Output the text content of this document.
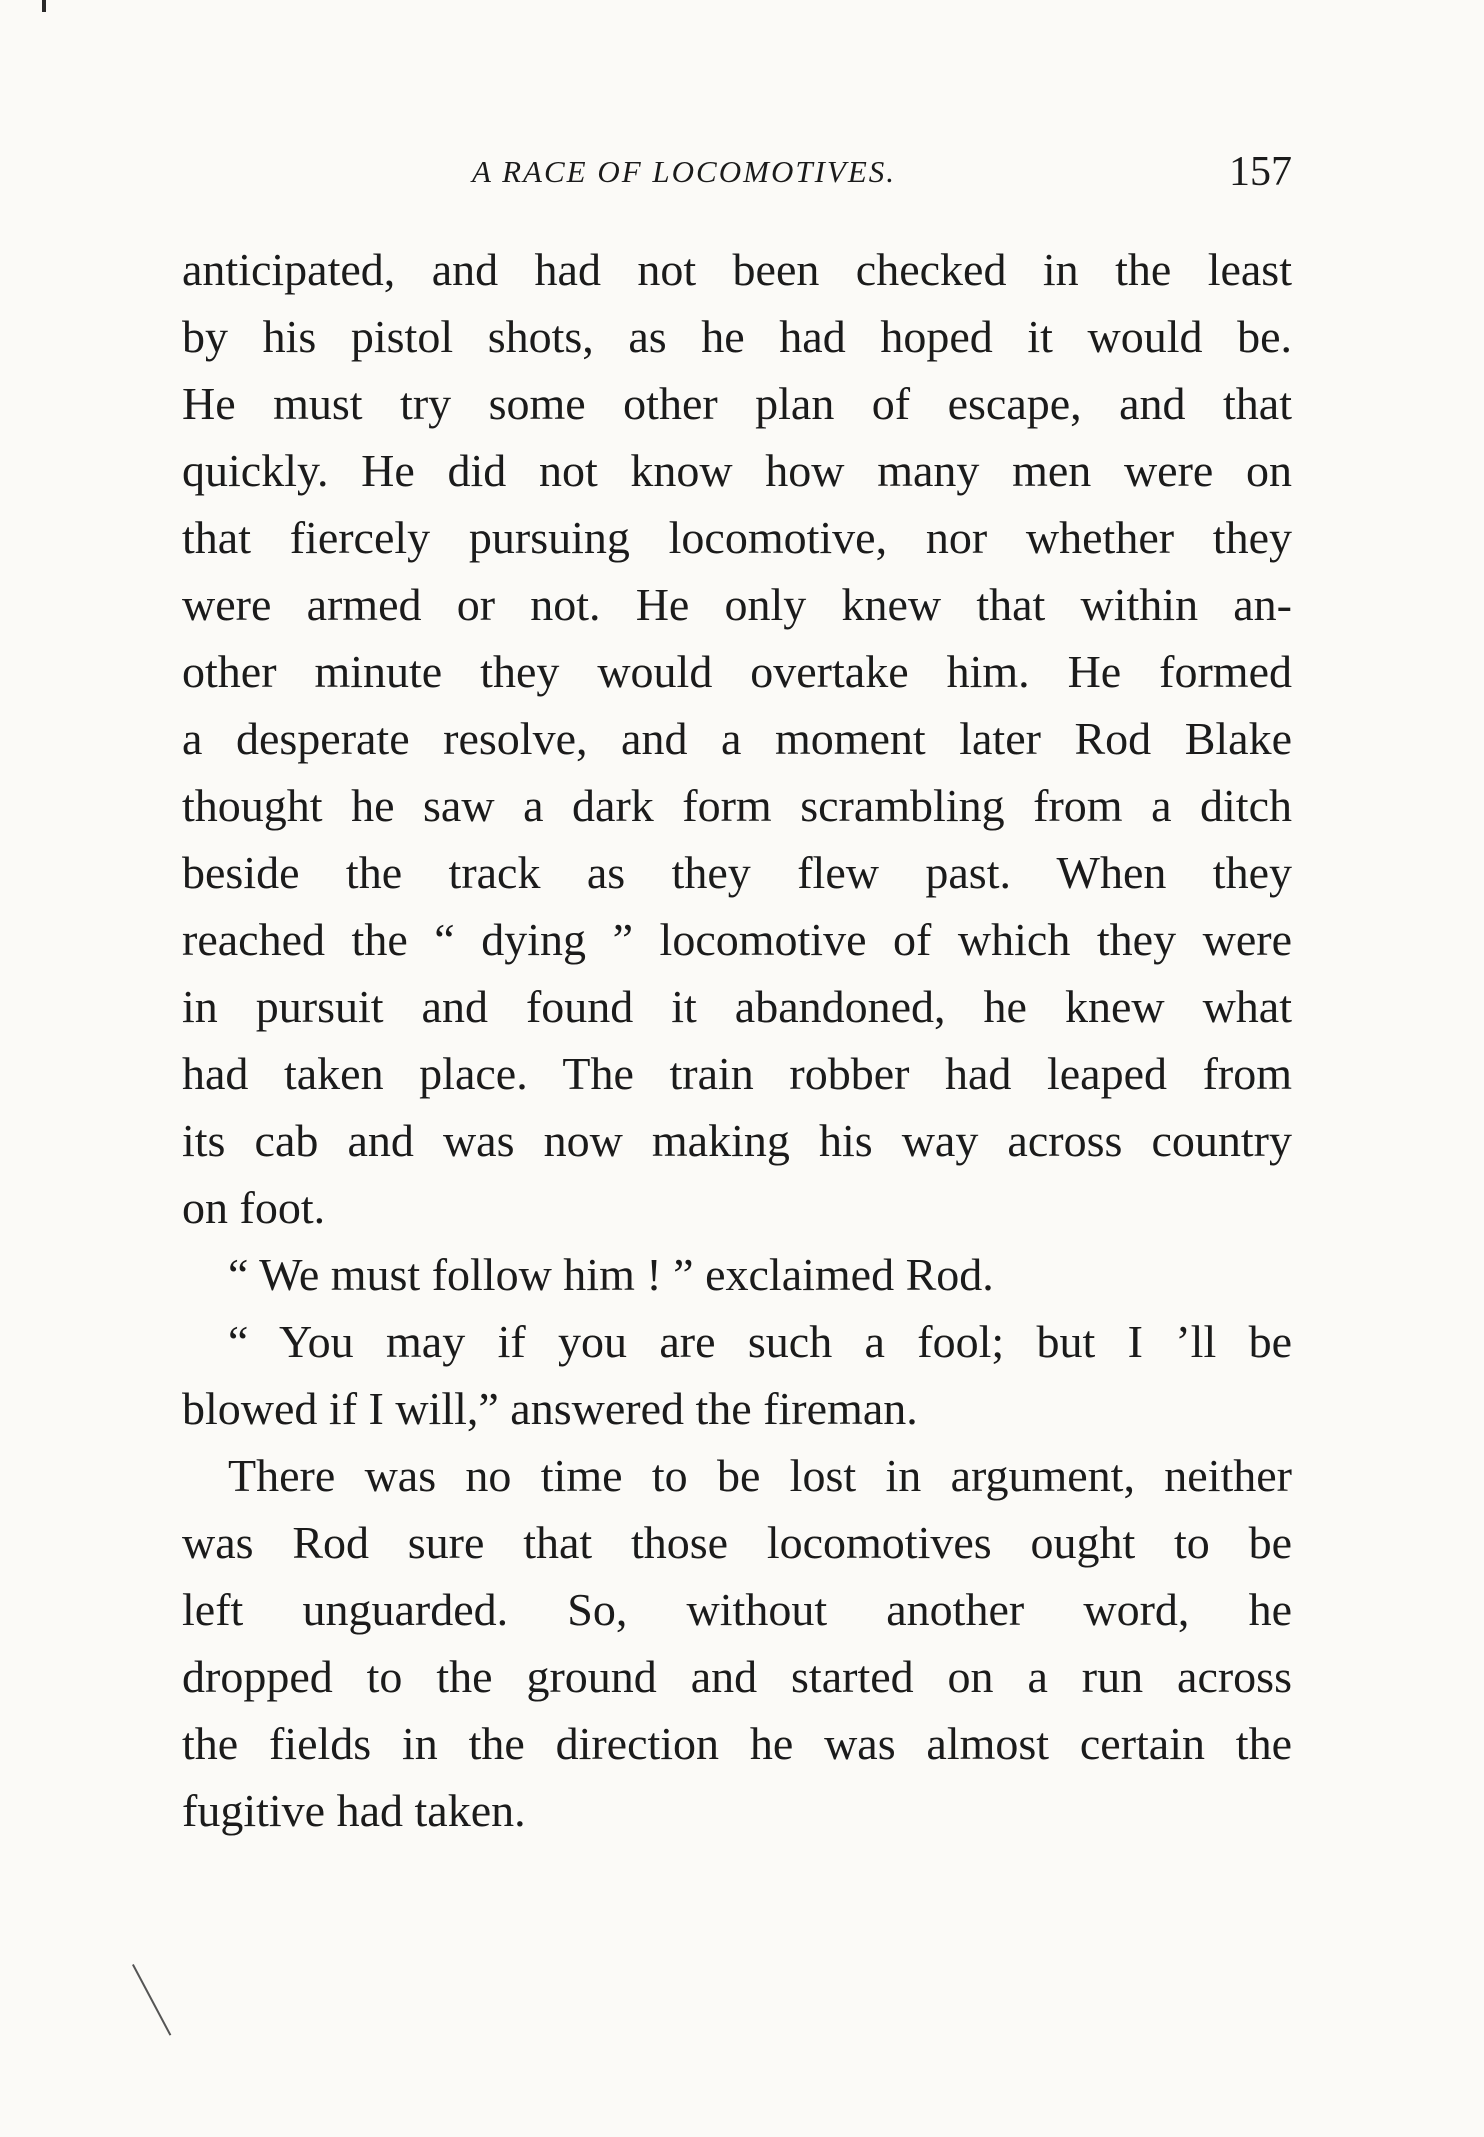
A RACE OF LOCOMOTIVES.	157
anticipated, and had not been checked in the least
by his pistol shots, as he had hoped it would be.
He must try some other plan of escape, and that
quickly. He did not know how many men were on
that fiercely pursuing locomotive, nor whether they
were armed or not. He only knew that within an-
other minute they would overtake him. He formed
a desperate resolve, and a moment later Rod Blake
thought he saw a dark form scrambling from a ditch
beside the track as they flew past. When they
reached the “ dying ” locomotive of which they were
in pursuit and found it abandoned, he knew what
had taken place. The train robber had leaped from
its cab and was now making his way across country
on foot.
“ We must follow him ! ” exclaimed Rod.
“ You may if you are such a fool; but I ’ll be
blowed if I will,” answered the fireman.
There was no time to be lost in argument, neither
was Rod sure that those locomotives ought to be
left unguarded. So, without another word, he
dropped to the ground and started on a run across
the fields in the direction he was almost certain the
fugitive had taken.
